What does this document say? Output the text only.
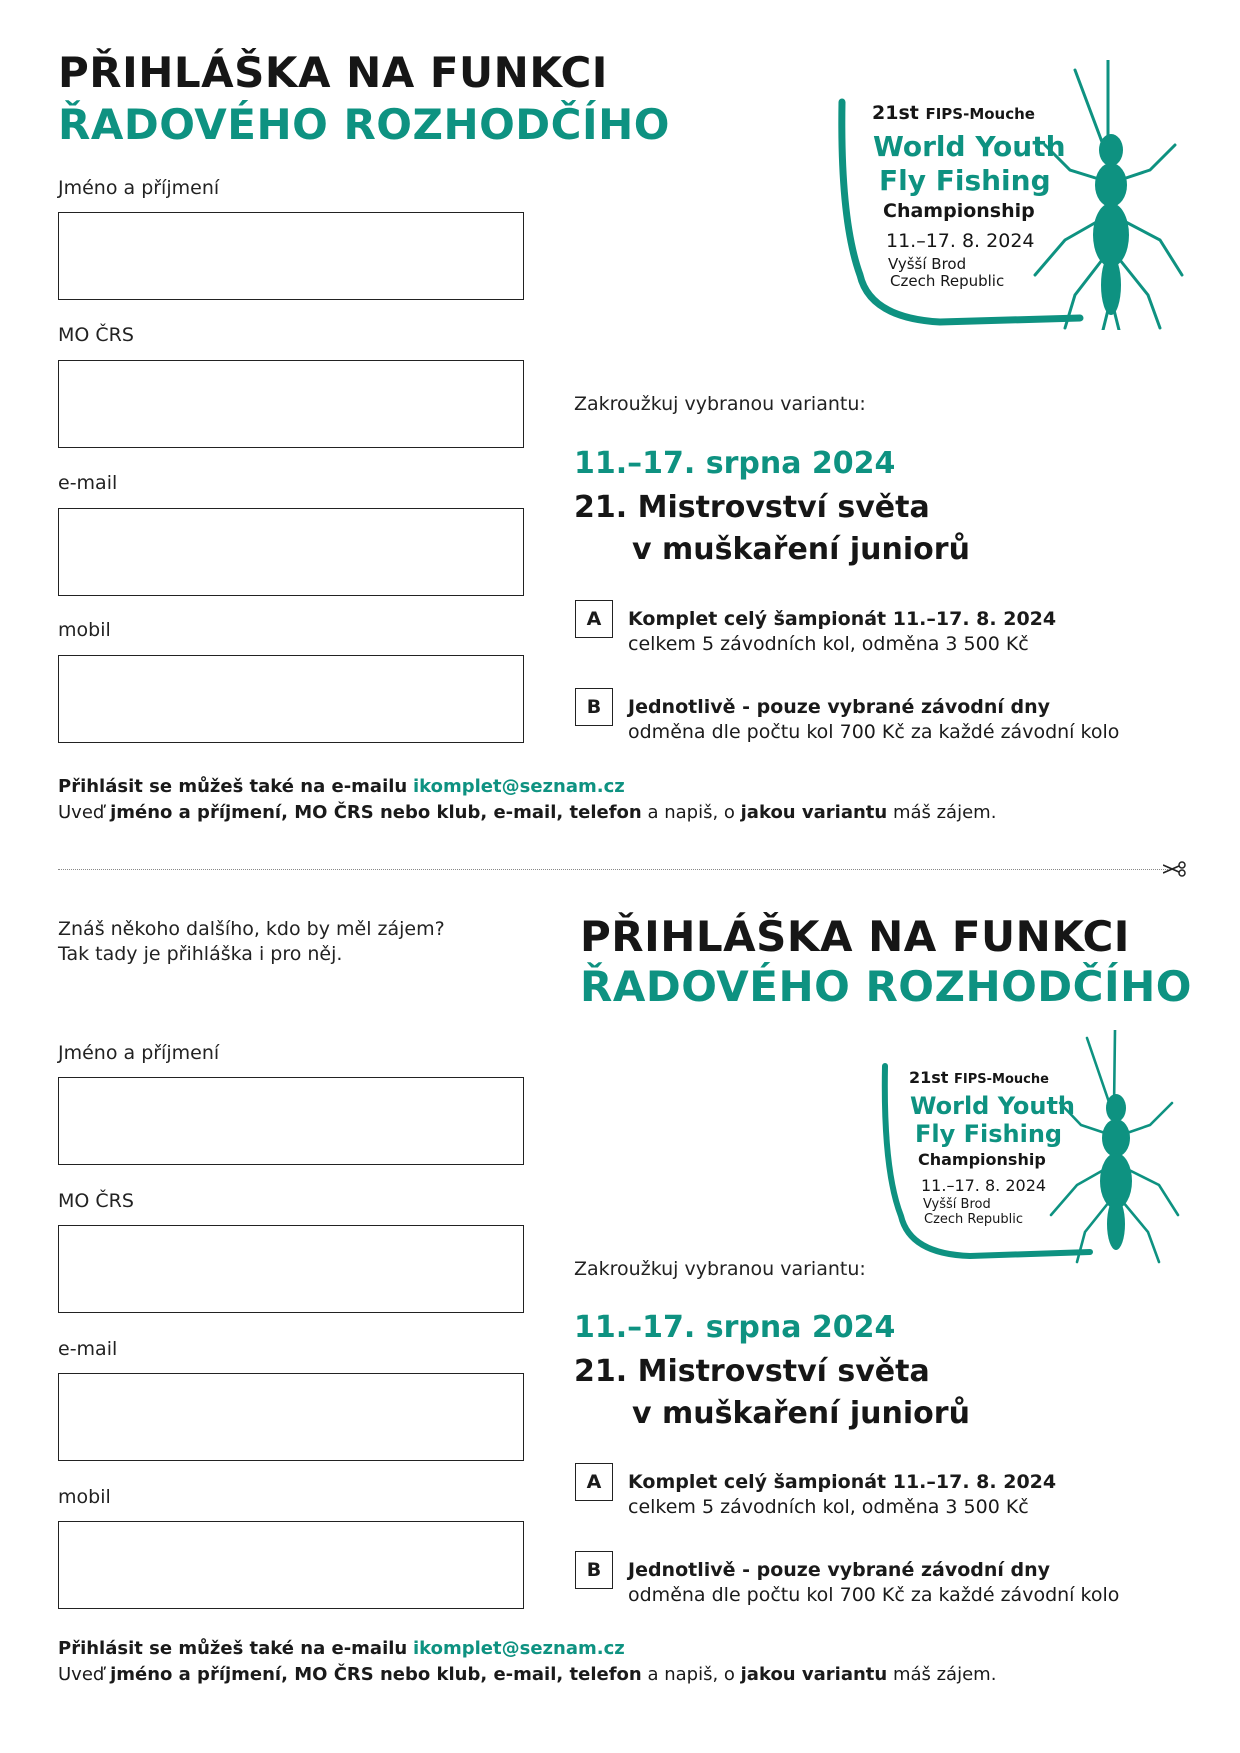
PŘIHLÁŠKA NA FUNKCI
ŘADOVÉHO ROZHODČÍHO	21st FIPS-Mouche
World Youth
Fly Fishing
Championship
11.–17. 8. 2024
Vyšší Brod
Czech Republic
Jméno a příjmení
MO ČRS
e-mail
mobil
Zakroužkuj vybranou variantu:
11.–17. srpna 2024
21. Mistrovství světa
v muškaření juniorů
A	Komplet celý šampionát 11.–17. 8. 2024
celkem 5 závodních kol, odměna 3 500 Kč
B	Jednotlivě - pouze vybrané závodní dny
odměna dle počtu kol 700 Kč za každé závodní kolo
Přihlásit se můžeš také na e-mailu ikomplet@seznam.cz
Uveď jméno a příjmení, MO ČRS nebo klub, e-mail, telefon a napiš, o jakou variantu máš zájem.
Znáš někoho dalšího, kdo by měl zájem?
Tak tady je přihláška i pro něj.	PŘIHLÁŠKA NA FUNKCI
ŘADOVÉHO ROZHODČÍHO
21st FIPS-Mouche
World Youth
Fly Fishing
Championship
11.–17. 8. 2024
Vyšší Brod
Czech Republic
Jméno a příjmení
MO ČRS
e-mail
mobil
Zakroužkuj vybranou variantu:
11.–17. srpna 2024
21. Mistrovství světa
v muškaření juniorů
A	Komplet celý šampionát 11.–17. 8. 2024
celkem 5 závodních kol, odměna 3 500 Kč
B	Jednotlivě - pouze vybrané závodní dny
odměna dle počtu kol 700 Kč za každé závodní kolo
Přihlásit se můžeš také na e-mailu ikomplet@seznam.cz
Uveď jméno a příjmení, MO ČRS nebo klub, e-mail, telefon a napiš, o jakou variantu máš zájem.
